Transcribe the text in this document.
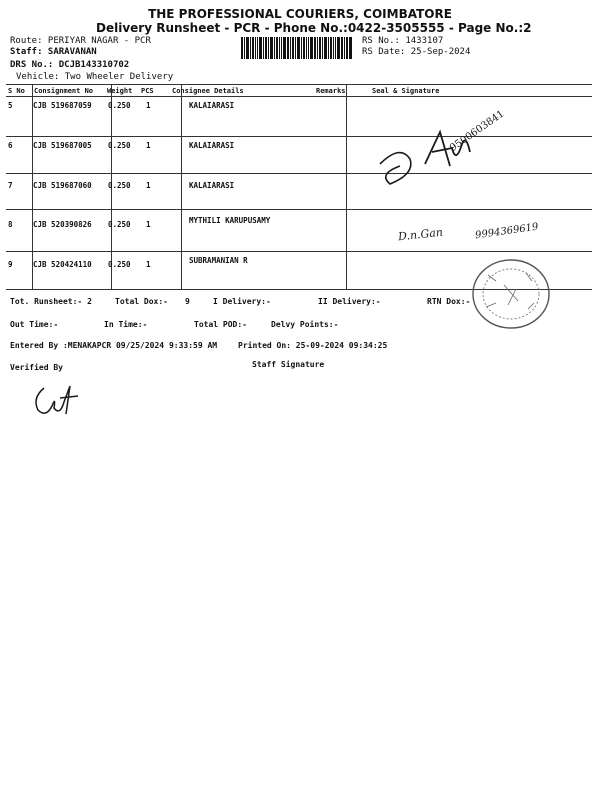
THE PROFESSIONAL COURIERS, COIMBATORE
Delivery Runsheet - PCR - Phone No.:0422-3505555 - Page No.:2
Route: PERIYAR NAGAR - PCR
Staff: SARAVANAN
DRS No.: DCJB143310702
Vehicle: Two Wheeler Delivery
RS No.: 1433107
RS Date: 25-Sep-2024
S No Consignment No Weight PCS	Consignee Details	Remarks	Seal & Signature
5	CJB 519687059 0.250 1	KALAIARASI
6	CJB 519687005 0.250 1	KALAIARASI
7	CJB 519687060 0.250 1	KALAIARASI
8	CJB 520390826 0.250 1	MYTHILI KARUPUSAMY
9	CJB 520424110 0.250 1	SUBRAMANIAN R
9500603841
D.n.Gan	9994369619
Tot. Runsheet:- 2	Total Dox:- 9	I Delivery:-	II Delivery:-	RTN Dox:-
Out Time:-	In Time:-	Total POD:-	Delvy Points:-
Entered By :MENAKAPCR 09/25/2024 9:33:59 AM	Printed On: 25-09-2024 09:34:25
Verified By	Staff Signature
